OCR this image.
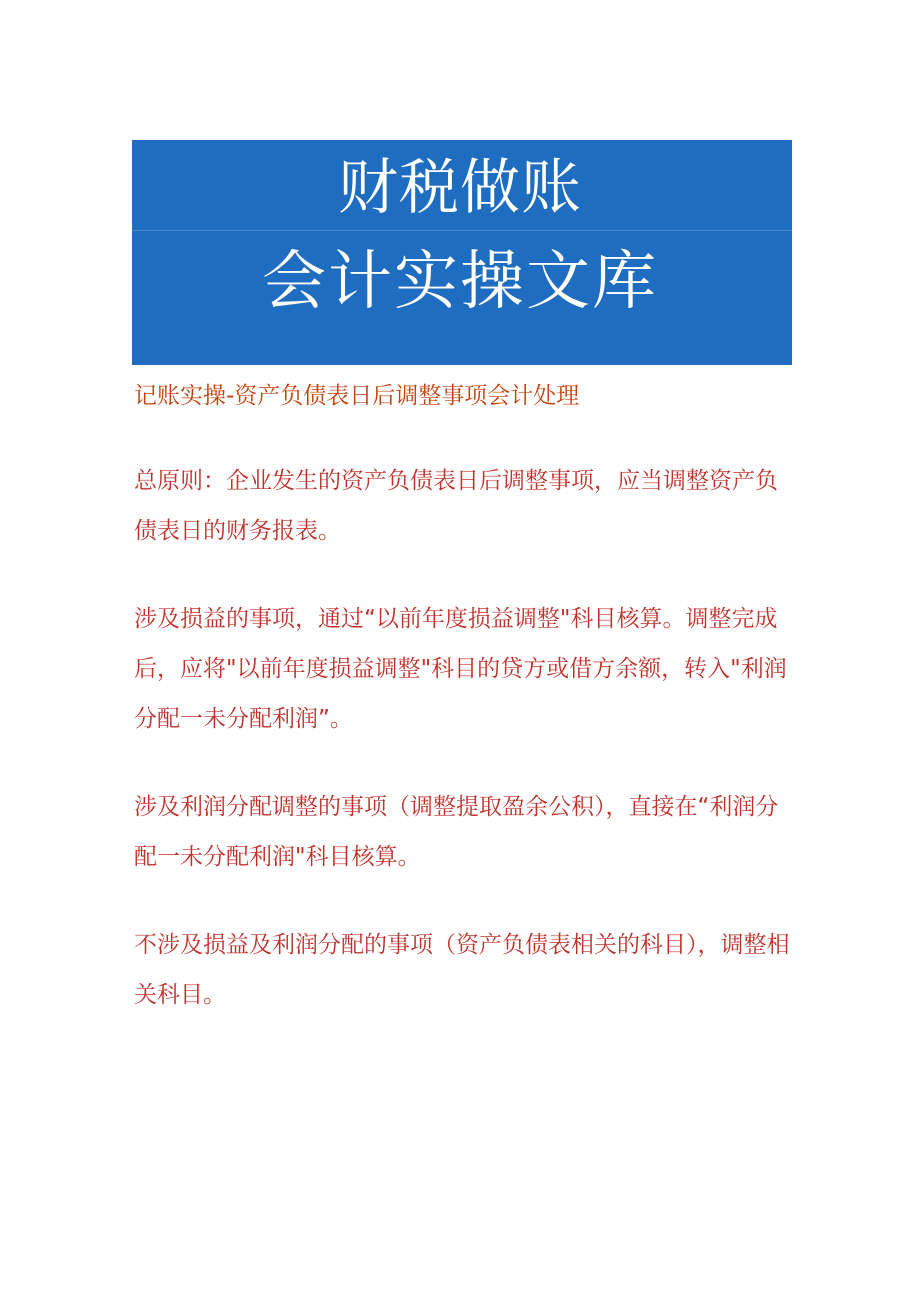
财税做账
会计实操文库
记账实操-资产负债表日后调整事项会计处理

总原则：企业发生的资产负债表日后调整事项，应当调整资产负债表日的财务报表。

涉及损益的事项，通过“以前年度损益调整"科目核算。调整完成后，应将"以前年度损益调整"科目的贷方或借方余额，转入"利润分配一未分配利润”。

涉及利润分配调整的事项（调整提取盈余公积），直接在“利润分配一未分配利润"科目核算。

不涉及损益及利润分配的事项（资产负债表相关的科目），调整相关科目。
